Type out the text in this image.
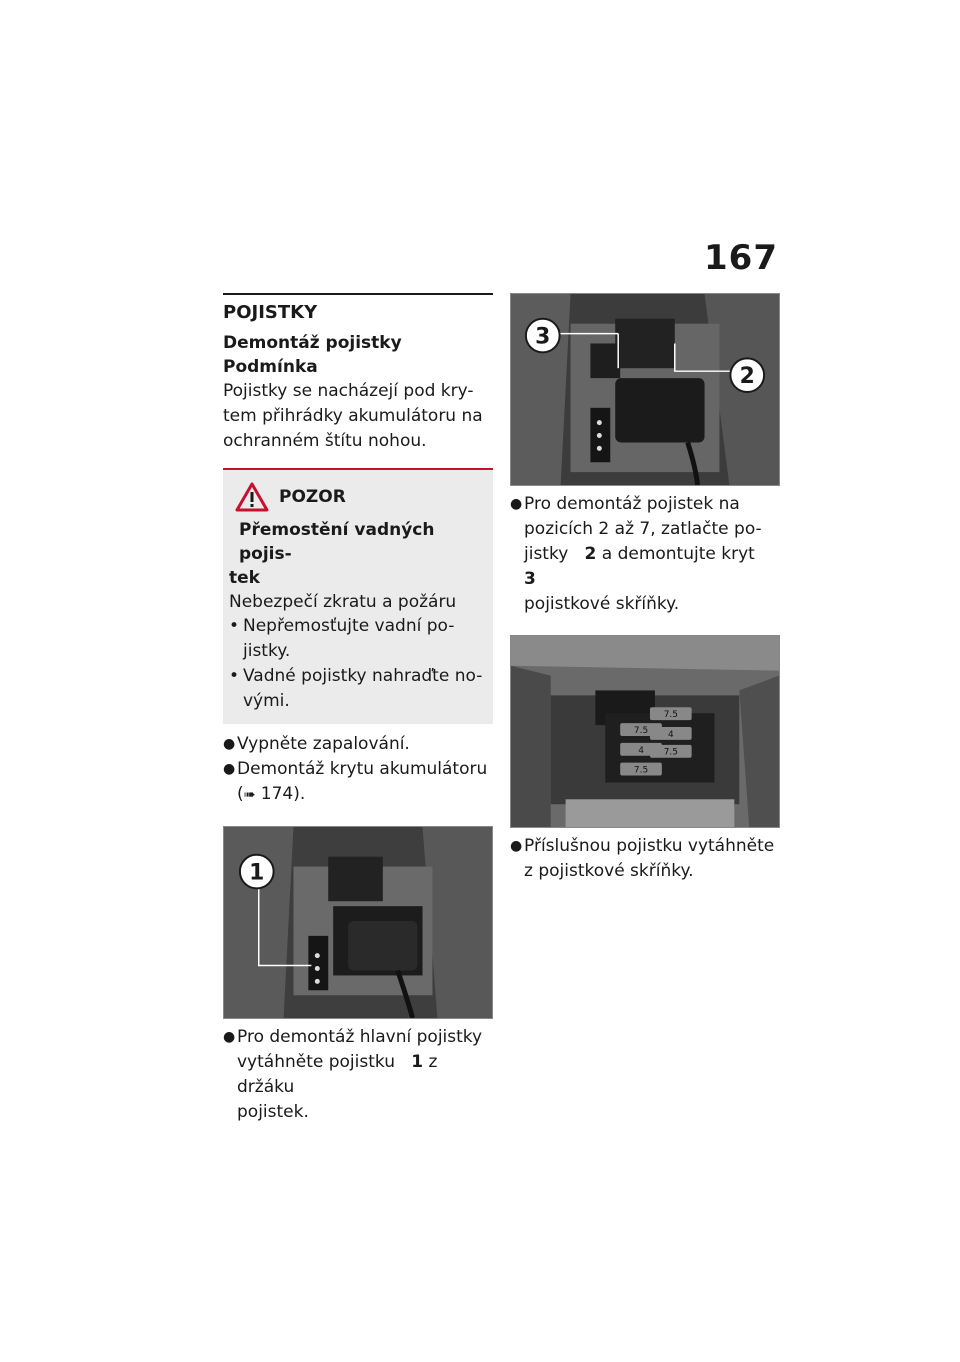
167
POJISTKY
Demontáž pojistky
Podmínka
Pojistky se nacházejí pod kry-
tem přihrádky akumulátoru na
ochranném štítu nohou.
POZOR
Přemostění vadných pojis-
tek
Nebezpečí zkratu a požáru
• Nepřemosťujte vadní po-
jistky.
• Vadné pojistky nahraďte no-
vými.
● Vypněte zapalování.
● Demontáž krytu akumulátoru
(➠ 174).
1
● Pro demontáž hlavní pojistky
vytáhněte pojistku 1 z držáku
pojistek.
3
2
● Pro demontáž pojistek na
pozicích 2 až 7, zatlačte po-
jistky 2 a demontujte kryt   3
pojistkové skříňky.
7.5
7.5 4
4 7.5
7.5
● Příslušnou pojistku vytáhněte
z pojistkové skříňky.
